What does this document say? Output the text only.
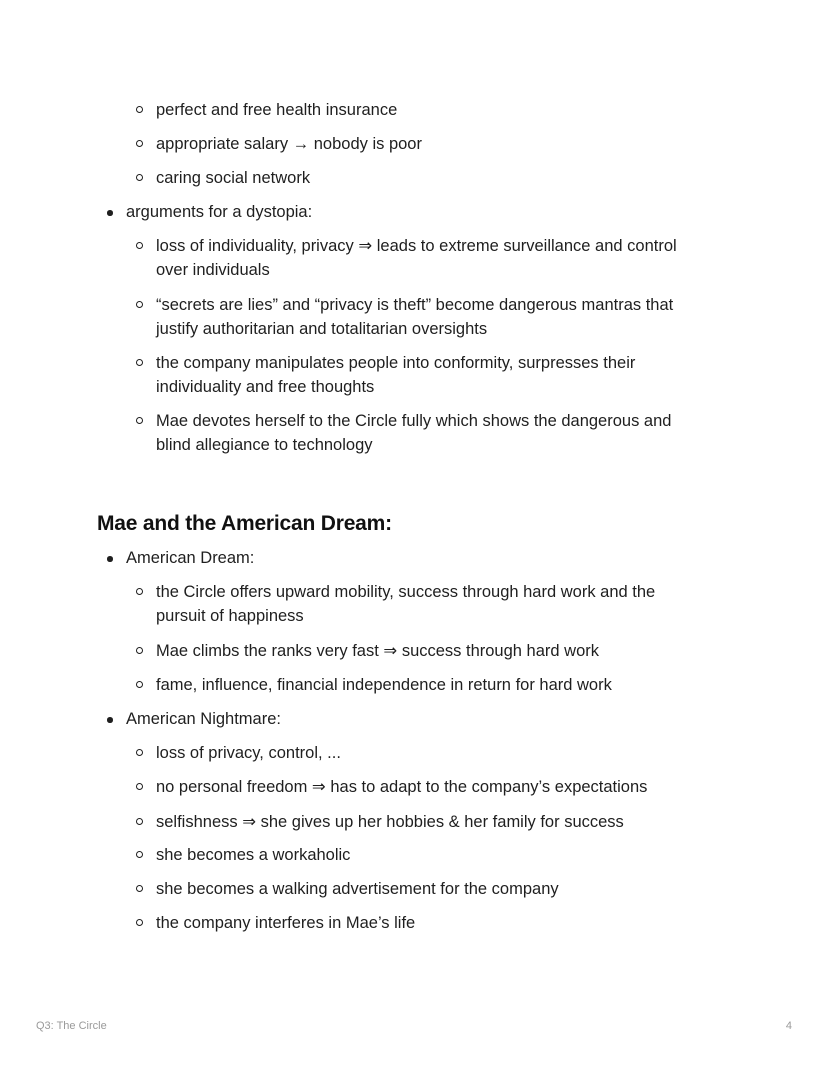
perfect and free health insurance
appropriate salary → nobody is poor
caring social network
arguments for a dystopia:
loss of individuality, privacy ⇒ leads to extreme surveillance and control
over individuals
“secrets are lies” and “privacy is theft” become dangerous mantras that
justify authoritarian and totalitarian oversights
the company manipulates people into conformity, surpresses their
individuality and free thoughts
Mae devotes herself to the Circle fully which shows the dangerous and
blind allegiance to technology
Mae and the American Dream:
American Dream:
the Circle offers upward mobility, success through hard work and the
pursuit of happiness
Mae climbs the ranks very fast ⇒ success through hard work
fame, influence, financial independence in return for hard work
American Nightmare:
loss of privacy, control, ...
no personal freedom ⇒ has to adapt to the company’s expectations
selfishness ⇒ she gives up her hobbies & her family for success
she becomes a workaholic
she becomes a walking advertisement for the company
the company interferes in Mae’s life
Q3: The Circle	4
